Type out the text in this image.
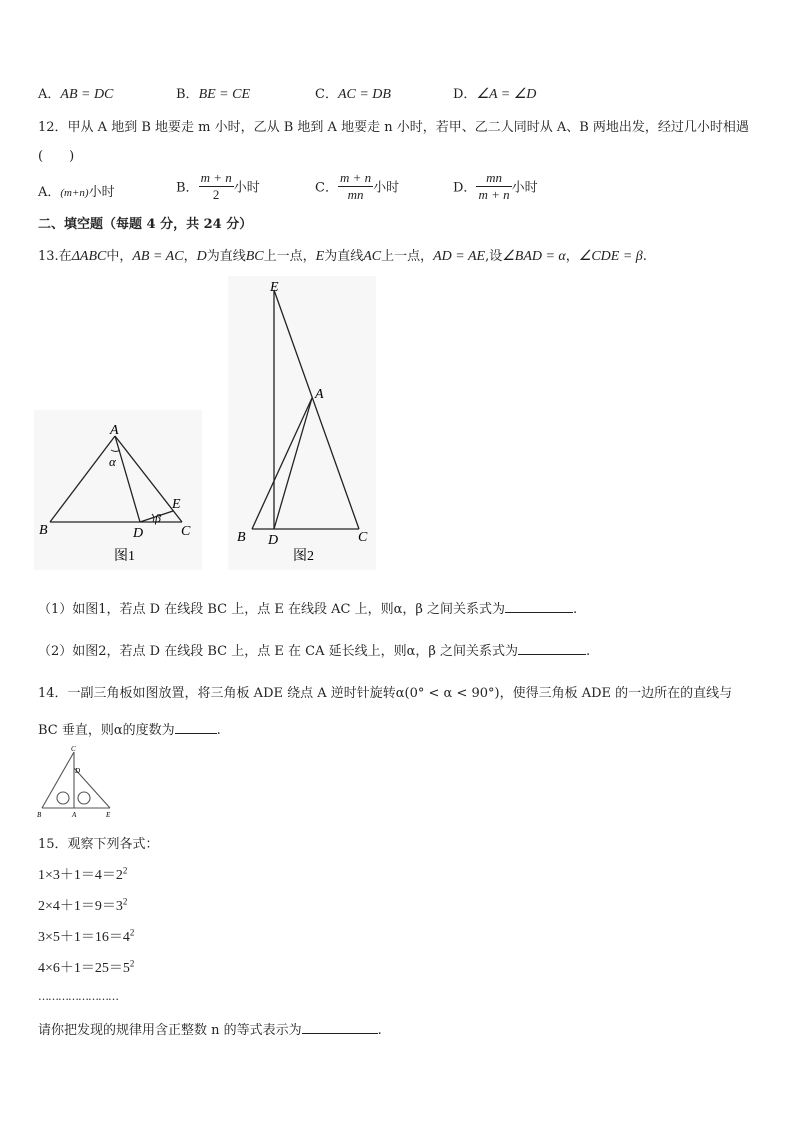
A．AB = DC	B．BE = CE	C．AC = DB	D．∠A = ∠D
12．甲从 A 地到 B 地要走 m 小时，乙从 B 地到 A 地要走 n 小时，若甲、乙二人同时从 A、B 两地出发，经过几小时相遇
(　　)
A．(m+n)小时	B． $\frac{m + n}{2}$ 小时	C． $\frac{m + n}{mn}$ 小时	D． $\frac{mn}{m + n}$ 小时
二、填空题（每题 4 分，共 24 分）
13.在ΔABC中，AB = AC，D为直线BC上一点，E为直线AC上一点，AD = AE,设∠BAD = α，∠CDE = β.
A
B	C
D
E
α
β
图1
E
A
B D	C
图2
（1）如图1，若点 D 在线段 BC 上，点 E 在线段 AC 上，则α，β 之间关系式为	.
（2）如图2，若点 D 在线段 BC 上，点 E 在 CA 延长线上，则α，β 之间关系式为	.
14．一副三角板如图放置，将三角板 ADE 绕点 A 逆时针旋转α(0° < α < 90°)，使得三角板 ADE 的一边所在的直线与
BC 垂直，则α的度数为	.
C
D
B	A	E
15．观察下列各式：
$1\times 3+1=4=2^2$
$2\times 4+1=9=3^2$
$3\times 5+1=16=4^2$
$4\times 6+1=25=5^2$
……………………
请你把发现的规律用含正整数 n 的等式表示为	.
